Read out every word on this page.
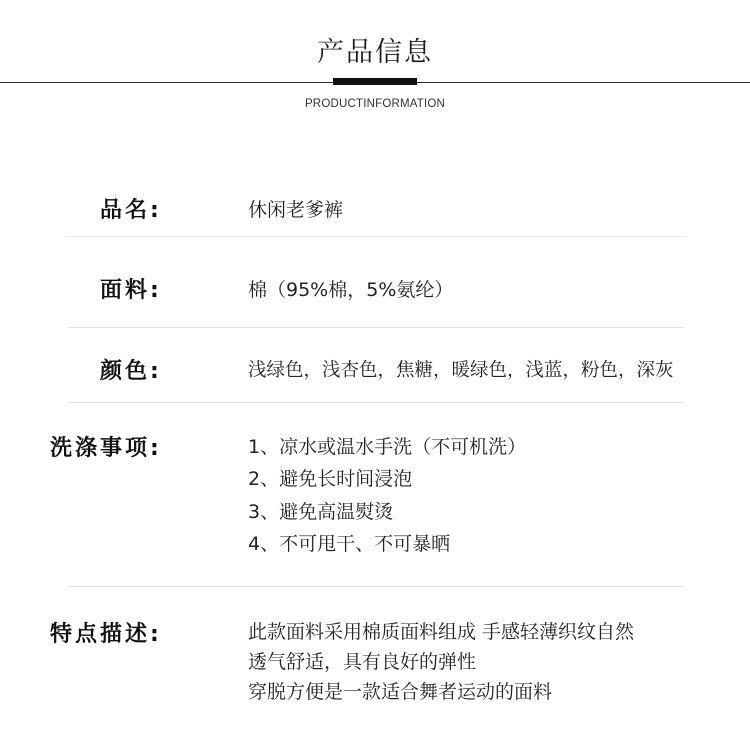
产品信息
PRODUCTINFORMATION
品名:	休闲老爹裤
面料:	棉（95%棉，5%氨纶）
颜色:	浅绿色，浅杏色，焦糖，暖绿色，浅蓝，粉色，深灰
洗涤事项:	1、凉水或温水手洗（不可机洗）
2、避免长时间浸泡
3、避免高温熨烫
4、不可甩干、不可暴晒
特点描述:	此款面料采用棉质面料组成 手感轻薄织纹自然
透气舒适，具有良好的弹性
穿脱方便是一款适合舞者运动的面料
